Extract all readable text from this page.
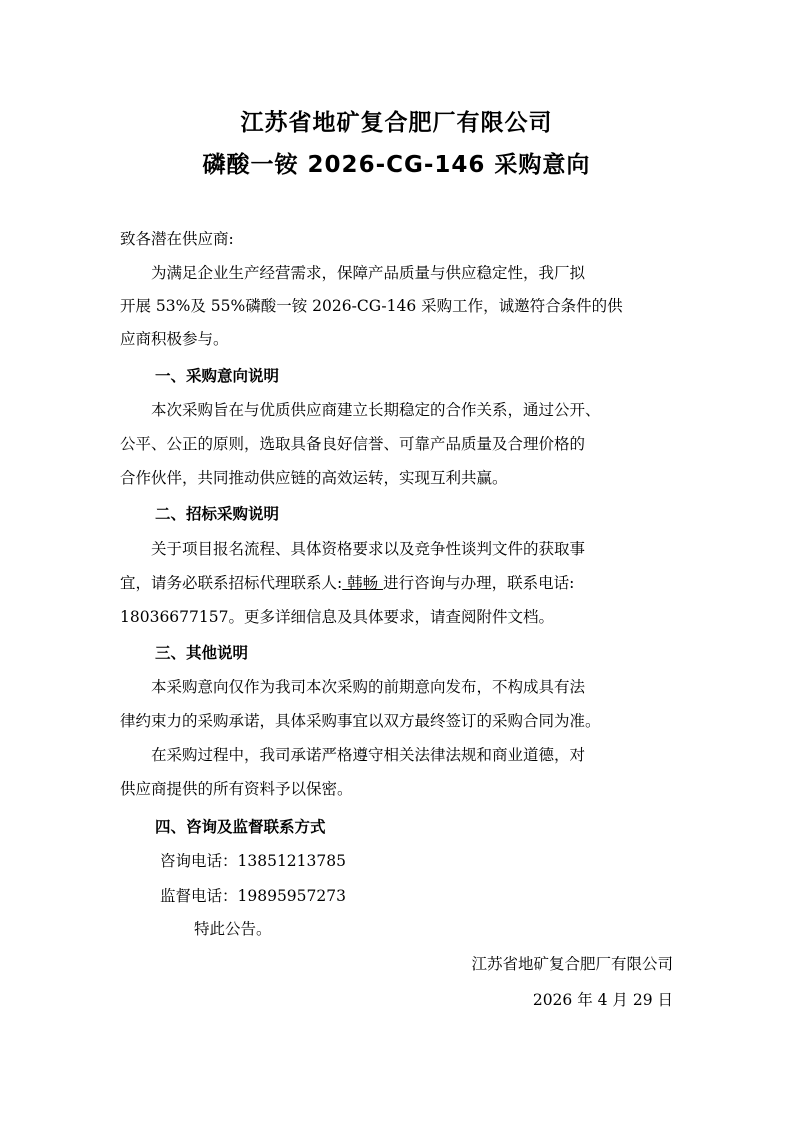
江苏省地矿复合肥厂有限公司
磷酸一铵 2026-CG-146 采购意向
致各潜在供应商:
为满足企业生产经营需求，保障产品质量与供应稳定性，我厂拟
开展 53%及 55%磷酸一铵 2026-CG-146 采购工作，诚邀符合条件的供
应商积极参与。
一、采购意向说明
本次采购旨在与优质供应商建立长期稳定的合作关系，通过公开、
公平、公正的原则，选取具备良好信誉、可靠产品质量及合理价格的
合作伙伴，共同推动供应链的高效运转，实现互利共赢。
二、招标采购说明
关于项目报名流程、具体资格要求以及竞争性谈判文件的获取事
宜，请务必联系招标代理联系人: 韩畅 进行咨询与办理，联系电话:
18036677157。更多详细信息及具体要求，请查阅附件文档。
三、其他说明
本采购意向仅作为我司本次采购的前期意向发布，不构成具有法
律约束力的采购承诺，具体采购事宜以双方最终签订的采购合同为准。
在采购过程中，我司承诺严格遵守相关法律法规和商业道德，对
供应商提供的所有资料予以保密。
四、咨询及监督联系方式
咨询电话：13851213785
监督电话：19895957273
特此公告。
江苏省地矿复合肥厂有限公司
2026 年 4 月 29 日
